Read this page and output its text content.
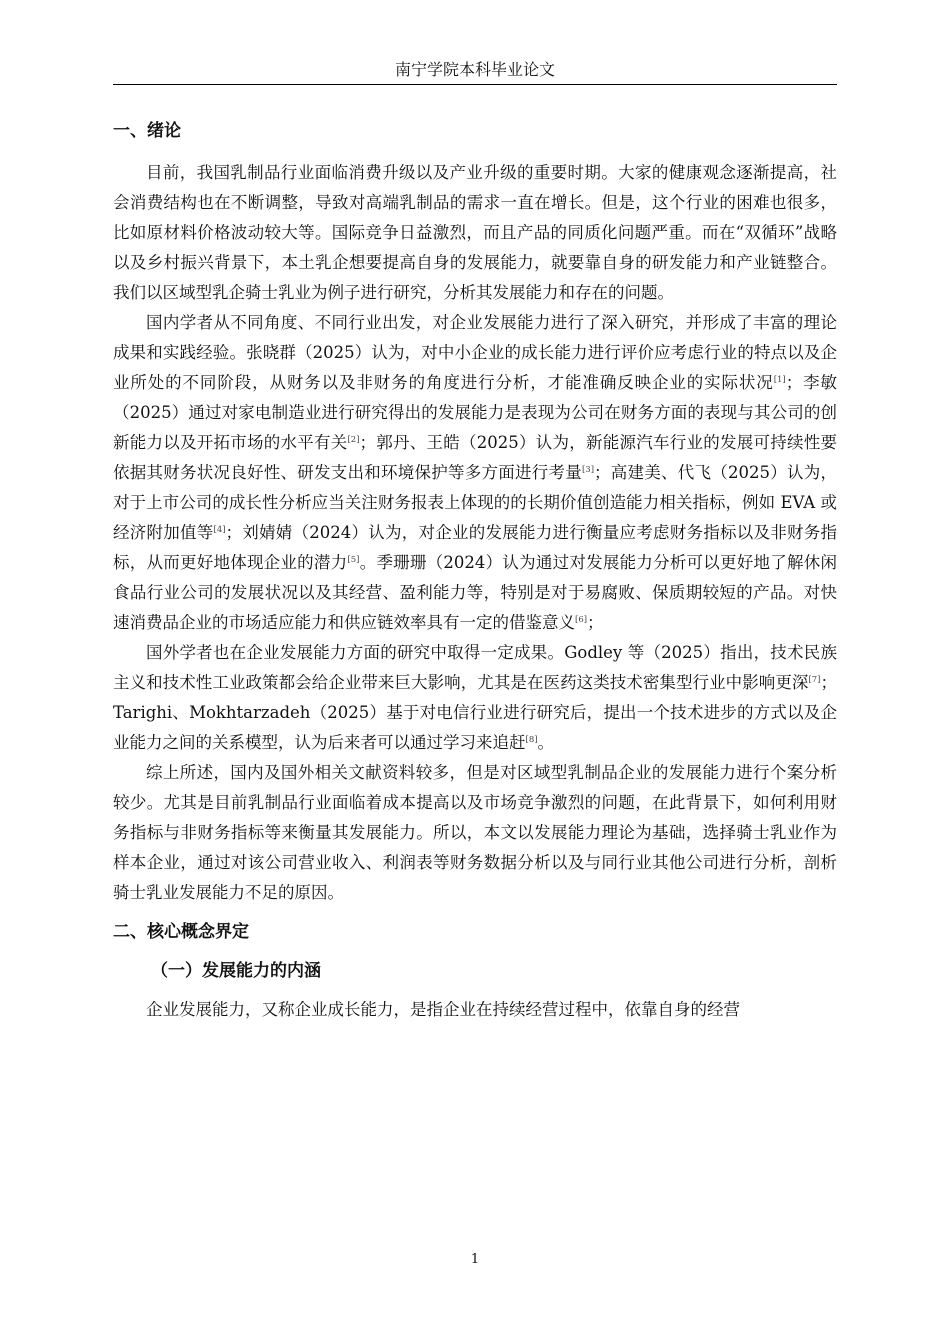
南宁学院本科毕业论文
一、绪论

目前，我国乳制品行业面临消费升级以及产业升级的重要时期。大家的健康观念逐渐提高，社会消费结构也在不断调整，导致对高端乳制品的需求一直在增长。但是，这个行业的困难也很多，比如原材料价格波动较大等。国际竞争日益激烈，而且产品的同质化问题严重。而在“双循环”战略以及乡村振兴背景下，本土乳企想要提高自身的发展能力，就要靠自身的研发能力和产业链整合。我们以区域型乳企骑士乳业为例子进行研究，分析其发展能力和存在的问题。

国内学者从不同角度、不同行业出发，对企业发展能力进行了深入研究，并形成了丰富的理论成果和实践经验。张晓群（2025）认为，对中小企业的成长能力进行评价应考虑行业的特点以及企业所处的不同阶段，从财务以及非财务的角度进行分析，才能准确反映企业的实际状况[1]；李敏（2025）通过对家电制造业进行研究得出的发展能力是表现为公司在财务方面的表现与其公司的创新能力以及开拓市场的水平有关[2]；郭丹、王皓（2025）认为，新能源汽车行业的发展可持续性要依据其财务状况良好性、研发支出和环境保护等多方面进行考量[3]；高建美、代飞（2025）认为，对于上市公司的成长性分析应当关注财务报表上体现的的长期价值创造能力相关指标，例如 EVA 或经济附加值等[4]；刘婧婧（2024）认为，对企业的发展能力进行衡量应考虑财务指标以及非财务指标，从而更好地体现企业的潜力[5]。季珊珊（2024）认为通过对发展能力分析可以更好地了解休闲食品行业公司的发展状况以及其经营、盈利能力等，特别是对于易腐败、保质期较短的产品。对快速消费品企业的市场适应能力和供应链效率具有一定的借鉴意义[6]；

国外学者也在企业发展能力方面的研究中取得一定成果。Godley 等（2025）指出，技术民族主义和技术性工业政策都会给企业带来巨大影响，尤其是在医药这类技术密集型行业中影响更深[7]；Tarighi、Mokhtarzadeh（2025）基于对电信行业进行研究后，提出一个技术进步的方式以及企业能力之间的关系模型，认为后来者可以通过学习来追赶[8]。

综上所述，国内及国外相关文献资料较多，但是对区域型乳制品企业的发展能力进行个案分析较少。尤其是目前乳制品行业面临着成本提高以及市场竞争激烈的问题，在此背景下，如何利用财务指标与非财务指标等来衡量其发展能力。所以，本文以发展能力理论为基础，选择骑士乳业作为样本企业，通过对该公司营业收入、利润表等财务数据分析以及与同行业其他公司进行分析，剖析骑士乳业发展能力不足的原因。

二、核心概念界定
（一）发展能力的内涵

企业发展能力，又称企业成长能力，是指企业在持续经营过程中，依靠自身的经营

1
